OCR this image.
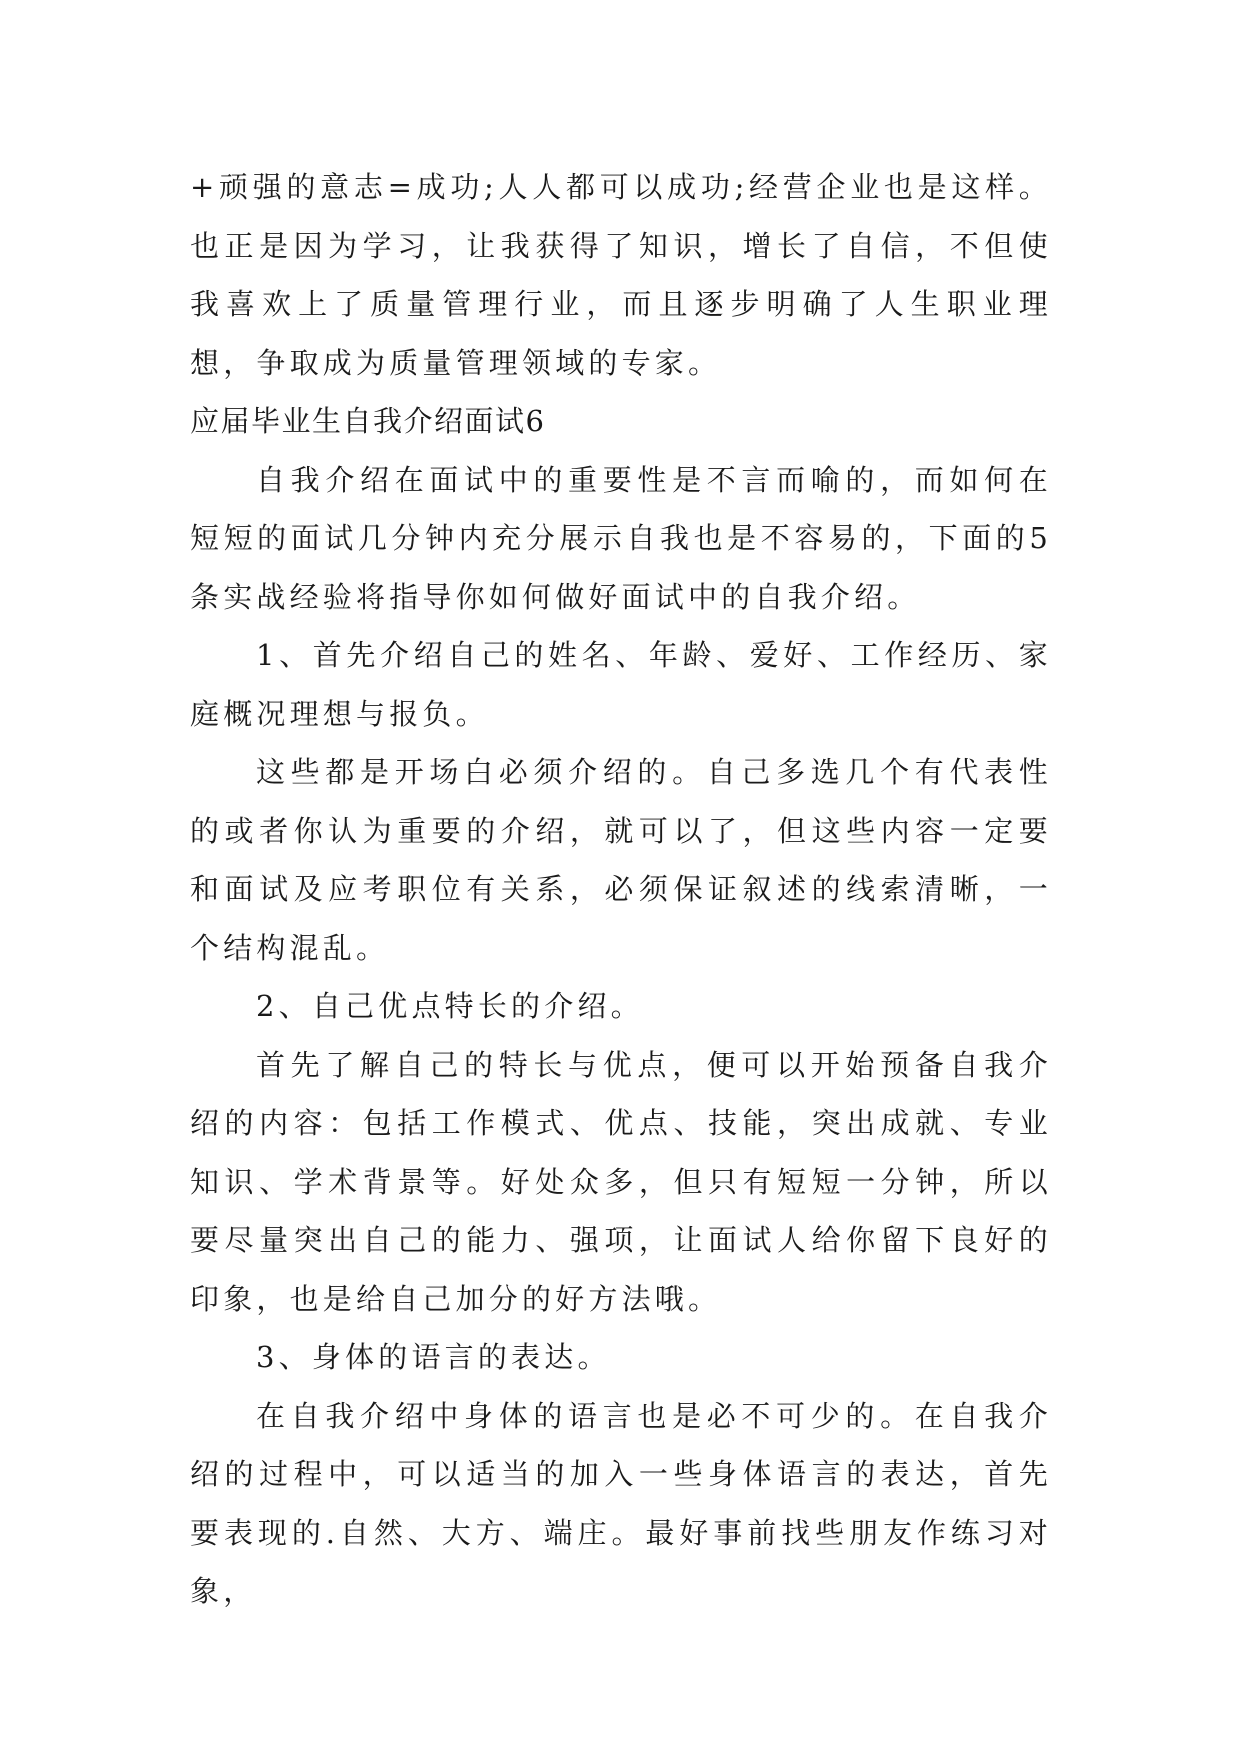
+顽强的意志=成功;人人都可以成功;经营企业也是这样。也正是因为学习，让我获得了知识，增长了自信，不但使我喜欢上了质量管理行业，而且逐步明确了人生职业理想，争取成为质量管理领域的专家。

应届毕业生自我介绍面试6

自我介绍在面试中的重要性是不言而喻的，而如何在短短的面试几分钟内充分展示自我也是不容易的，下面的5条实战经验将指导你如何做好面试中的自我介绍。

1、首先介绍自己的姓名、年龄、爱好、工作经历、家庭概况理想与报负。

这些都是开场白必须介绍的。自己多选几个有代表性的或者你认为重要的介绍，就可以了，但这些内容一定要和面试及应考职位有关系，必须保证叙述的线索清晰，一个结构混乱。

2、自己优点特长的介绍。

首先了解自己的特长与优点，便可以开始预备自我介绍的内容：包括工作模式、优点、技能，突出成就、专业知识、学术背景等。好处众多，但只有短短一分钟，所以要尽量突出自己的能力、强项，让面试人给你留下良好的印象，也是给自己加分的好方法哦。

3、身体的语言的表达。

在自我介绍中身体的语言也是必不可少的。在自我介绍的过程中，可以适当的加入一些身体语言的表达，首先要表现的.自然、大方、端庄。最好事前找些朋友作练习对象，
